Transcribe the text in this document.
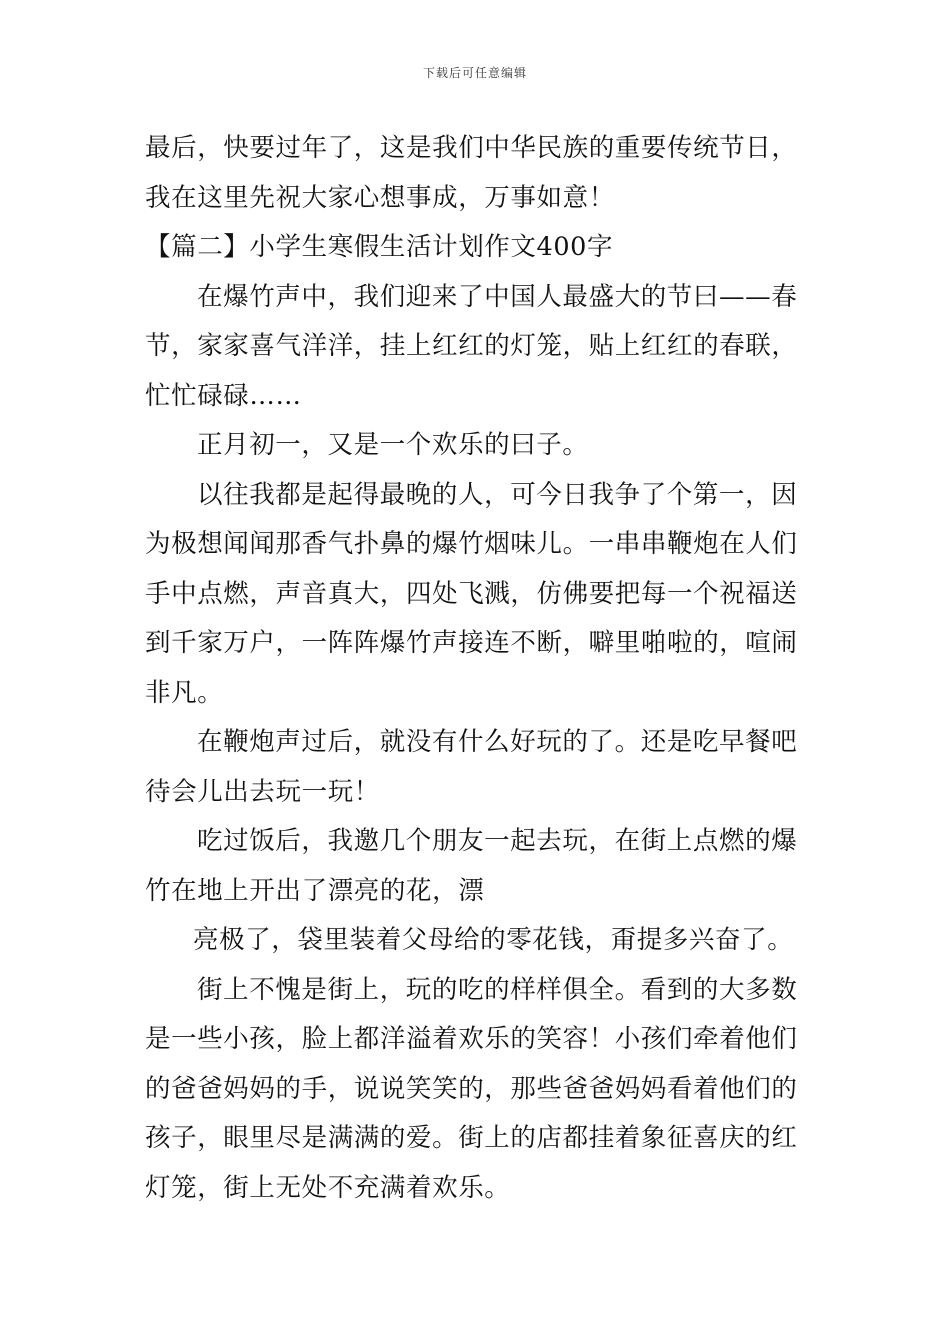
下载后可任意编辑
最后，快要过年了，这是我们中华民族的重要传统节日，
我在这里先祝大家心想事成，万事如意！
【篇二】小学生寒假生活计划作文400字
在爆竹声中，我们迎来了中国人最盛大的节曰——春
节，家家喜气洋洋，挂上红红的灯笼，贴上红红的春联，
忙忙碌碌……
正月初一，又是一个欢乐的曰子。
以往我都是起得最晚的人，可今日我争了个第一，因
为极想闻闻那香气扑鼻的爆竹烟味儿。一串串鞭炮在人们
手中点燃，声音真大，四处飞溅，仿佛要把每一个祝福送
到千家万户，一阵阵爆竹声接连不断，噼里啪啦的，喧闹
非凡。
在鞭炮声过后，就没有什么好玩的了。还是吃早餐吧
待会儿出去玩一玩！
吃过饭后，我邀几个朋友一起去玩，在街上点燃的爆
竹在地上开出了漂亮的花，漂
亮极了，袋里装着父母给的零花钱，甭提多兴奋了。
街上不愧是街上，玩的吃的样样俱全。看到的大多数
是一些小孩，脸上都洋溢着欢乐的笑容！小孩们牵着他们
的爸爸妈妈的手，说说笑笑的，那些爸爸妈妈看着他们的
孩子，眼里尽是满满的爱。街上的店都挂着象征喜庆的红
灯笼，街上无处不充满着欢乐。
